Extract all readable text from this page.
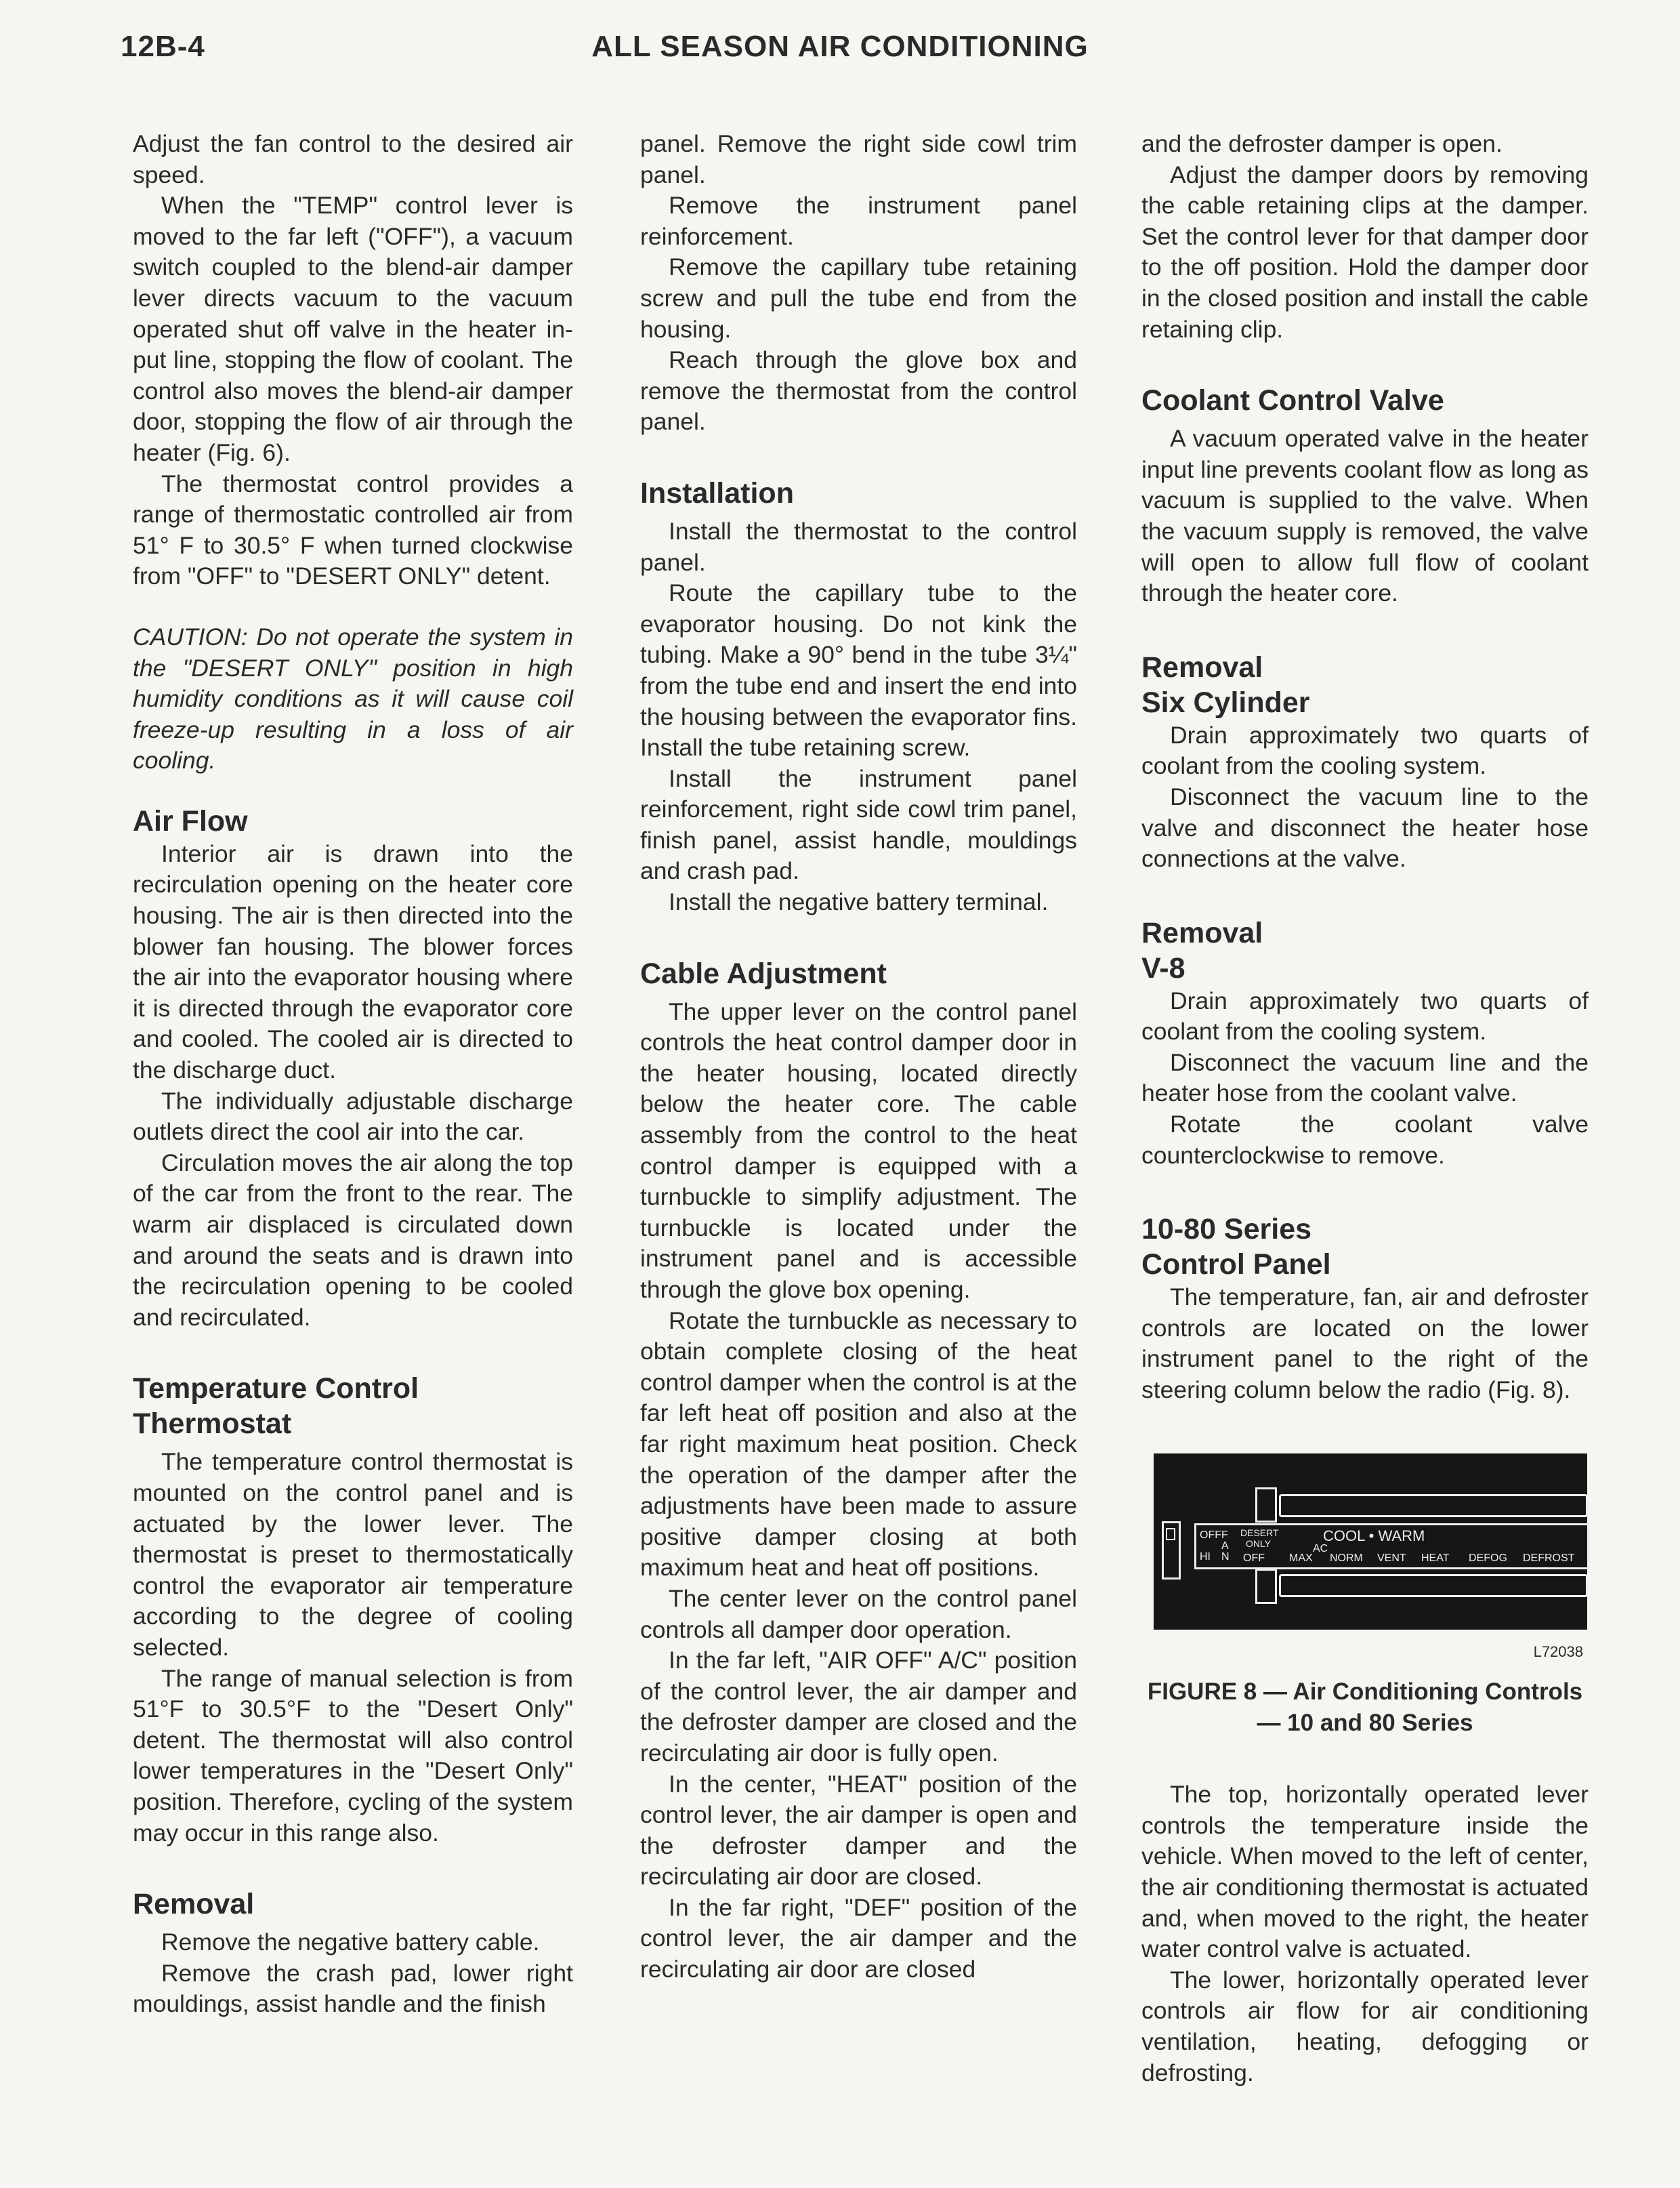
12B-4	ALL SEASON AIR CONDITIONING

Adjust the fan control to the desired air speed.

When the "TEMP" control lever is moved to the far left ("OFF"), a vacuum switch coupled to the blend-air damper lever directs vacuum to the vacuum operated shut off valve in the heater in-put line, stopping the flow of coolant. The control also moves the blend-air damper door, stopping the flow of air through the heater (Fig. 6).

The thermostat control provides a range of thermostatic controlled air from 51° F to 30.5° F when turned clockwise from "OFF" to "DESERT ONLY" detent.

CAUTION: Do not operate the system in the "DESERT ONLY" position in high humidity conditions as it will cause coil freeze-up resulting in a loss of air cooling.

Air Flow

Interior air is drawn into the recirculation opening on the heater core housing. The air is then directed into the blower fan housing. The blower forces the air into the evaporator housing where it is directed through the evaporator core and cooled. The cooled air is directed to the discharge duct.

The individually adjustable discharge outlets direct the cool air into the car.

Circulation moves the air along the top of the car from the front to the rear. The warm air displaced is circulated down and around the seats and is drawn into the recirculation opening to be cooled and recirculated.

Temperature Control Thermostat

The temperature control thermostat is mounted on the control panel and is actuated by the lower lever. The thermostat is preset to thermostatically control the evaporator air temperature according to the degree of cooling selected.

The range of manual selection is from 51°F to 30.5°F to the "Desert Only" detent. The thermostat will also control lower temperatures in the "Desert Only" position. Therefore, cycling of the system may occur in this range also.

Removal

Remove the negative battery cable.

Remove the crash pad, lower right mouldings, assist handle and the finish

panel. Remove the right side cowl trim panel.

Remove the instrument panel reinforcement.

Remove the capillary tube retaining screw and pull the tube end from the housing.

Reach through the glove box and remove the thermostat from the control panel.

Installation

Install the thermostat to the control panel.

Route the capillary tube to the evaporator housing. Do not kink the tubing. Make a 90° bend in the tube 3¼" from the tube end and insert the end into the housing between the evaporator fins. Install the tube retaining screw.

Install the instrument panel reinforcement, right side cowl trim panel, finish panel, assist handle, mouldings and crash pad.

Install the negative battery terminal.

Cable Adjustment

The upper lever on the control panel controls the heat control damper door in the heater housing, located directly below the heater core. The cable assembly from the control to the heat control damper is equipped with a turnbuckle to simplify adjustment. The turnbuckle is located under the instrument panel and is accessible through the glove box opening.

Rotate the turnbuckle as necessary to obtain complete closing of the heat control damper when the control is at the far left heat off position and also at the far right maximum heat position. Check the operation of the damper after the adjustments have been made to assure positive damper closing at both maximum heat and heat off positions.

The center lever on the control panel controls all damper door operation.

In the far left, "AIR OFF" A/C" position of the control lever, the air damper and the defroster damper are closed and the recirculating air door is fully open.

In the center, "HEAT" position of the control lever, the air damper is open and the defroster damper and the recirculating air door are closed.

In the far right, "DEF" position of the control lever, the air damper and the recirculating air door are closed

and the defroster damper is open.

Adjust the damper doors by removing the cable retaining clips at the damper. Set the control lever for that damper door to the off position. Hold the damper door in the closed position and install the cable retaining clip.

Coolant Control Valve

A vacuum operated valve in the heater input line prevents coolant flow as long as vacuum is supplied to the valve. When the vacuum supply is removed, the valve will open to allow full flow of coolant through the heater core.

Removal
Six Cylinder

Drain approximately two quarts of coolant from the cooling system.

Disconnect the vacuum line to the valve and disconnect the heater hose connections at the valve.

Removal
V-8

Drain approximately two quarts of coolant from the cooling system.

Disconnect the vacuum line and the heater hose from the coolant valve.

Rotate the coolant valve counterclockwise to remove.

10-80 Series
Control Panel

The temperature, fan, air and defroster controls are located on the lower instrument panel to the right of the steering column below the radio (Fig. 8).

OFF F
A
HI N
DESERT
ONLY
OFF
COOL • WARM
AC
MAX NORM VENT HEAT DEFOG DEFROST
L72038
FIGURE 8 — Air Conditioning Controls
— 10 and 80 Series

The top, horizontally operated lever controls the temperature inside the vehicle. When moved to the left of center, the air conditioning thermostat is actuated and, when moved to the right, the heater water control valve is actuated.

The lower, horizontally operated lever controls air flow for air conditioning ventilation, heating, defogging or defrosting.
